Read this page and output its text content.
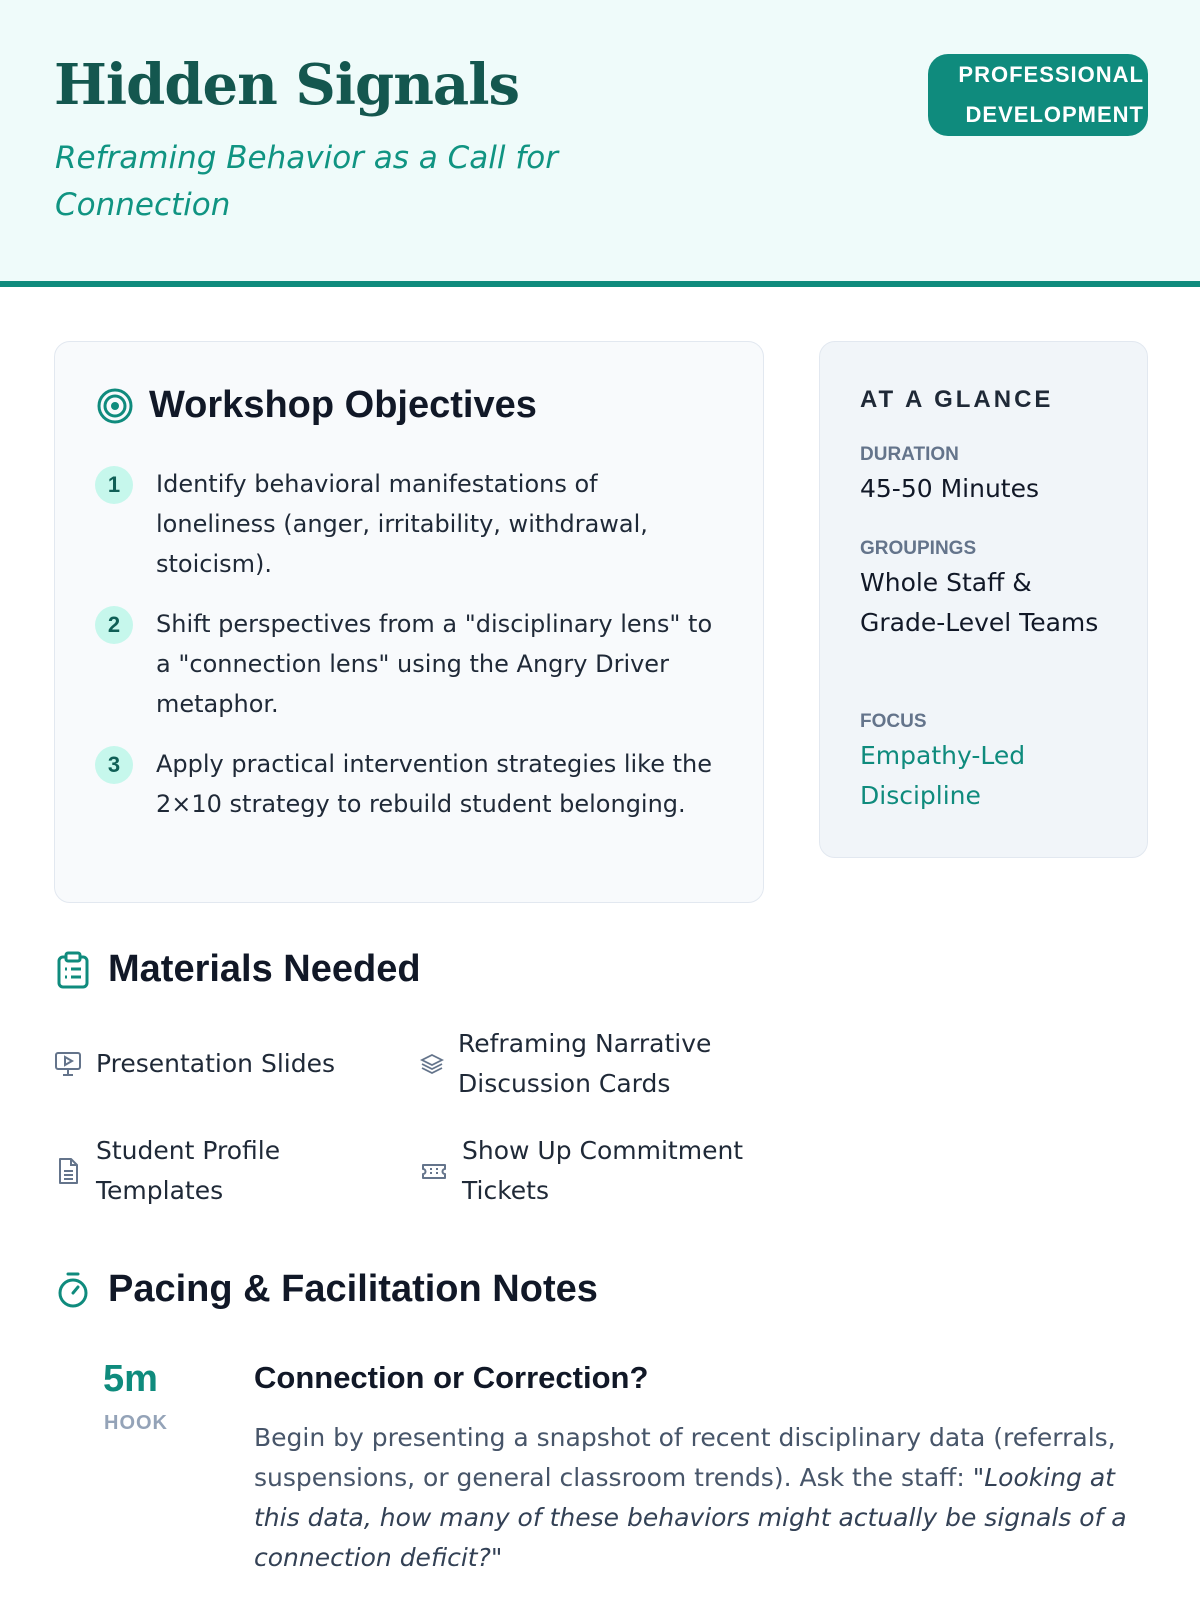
Hidden Signals
Reframing Behavior as a Call for Connection
PROFESSIONAL
DEVELOPMENT
Workshop Objectives
1	Identify behavioral manifestations of loneliness (anger, irritability, withdrawal, stoicism).
2	Shift perspectives from a "disciplinary lens" to a "connection lens" using the Angry Driver metaphor.
3	Apply practical intervention strategies like the 2×10 strategy to rebuild student belonging.
AT A GLANCE
DURATION
45-50 Minutes
GROUPINGS
Whole Staff & Grade-Level Teams
FOCUS
Empathy-Led Discipline
Materials Needed
Presentation Slides
Reframing Narrative Discussion Cards
Student Profile Templates
Show Up Commitment Tickets
Pacing & Facilitation Notes
5m
HOOK
Connection or Correction?
Begin by presenting a snapshot of recent disciplinary data (referrals, suspensions, or general classroom trends). Ask the staff: "Looking at this data, how many of these behaviors might actually be signals of a connection deficit?"
